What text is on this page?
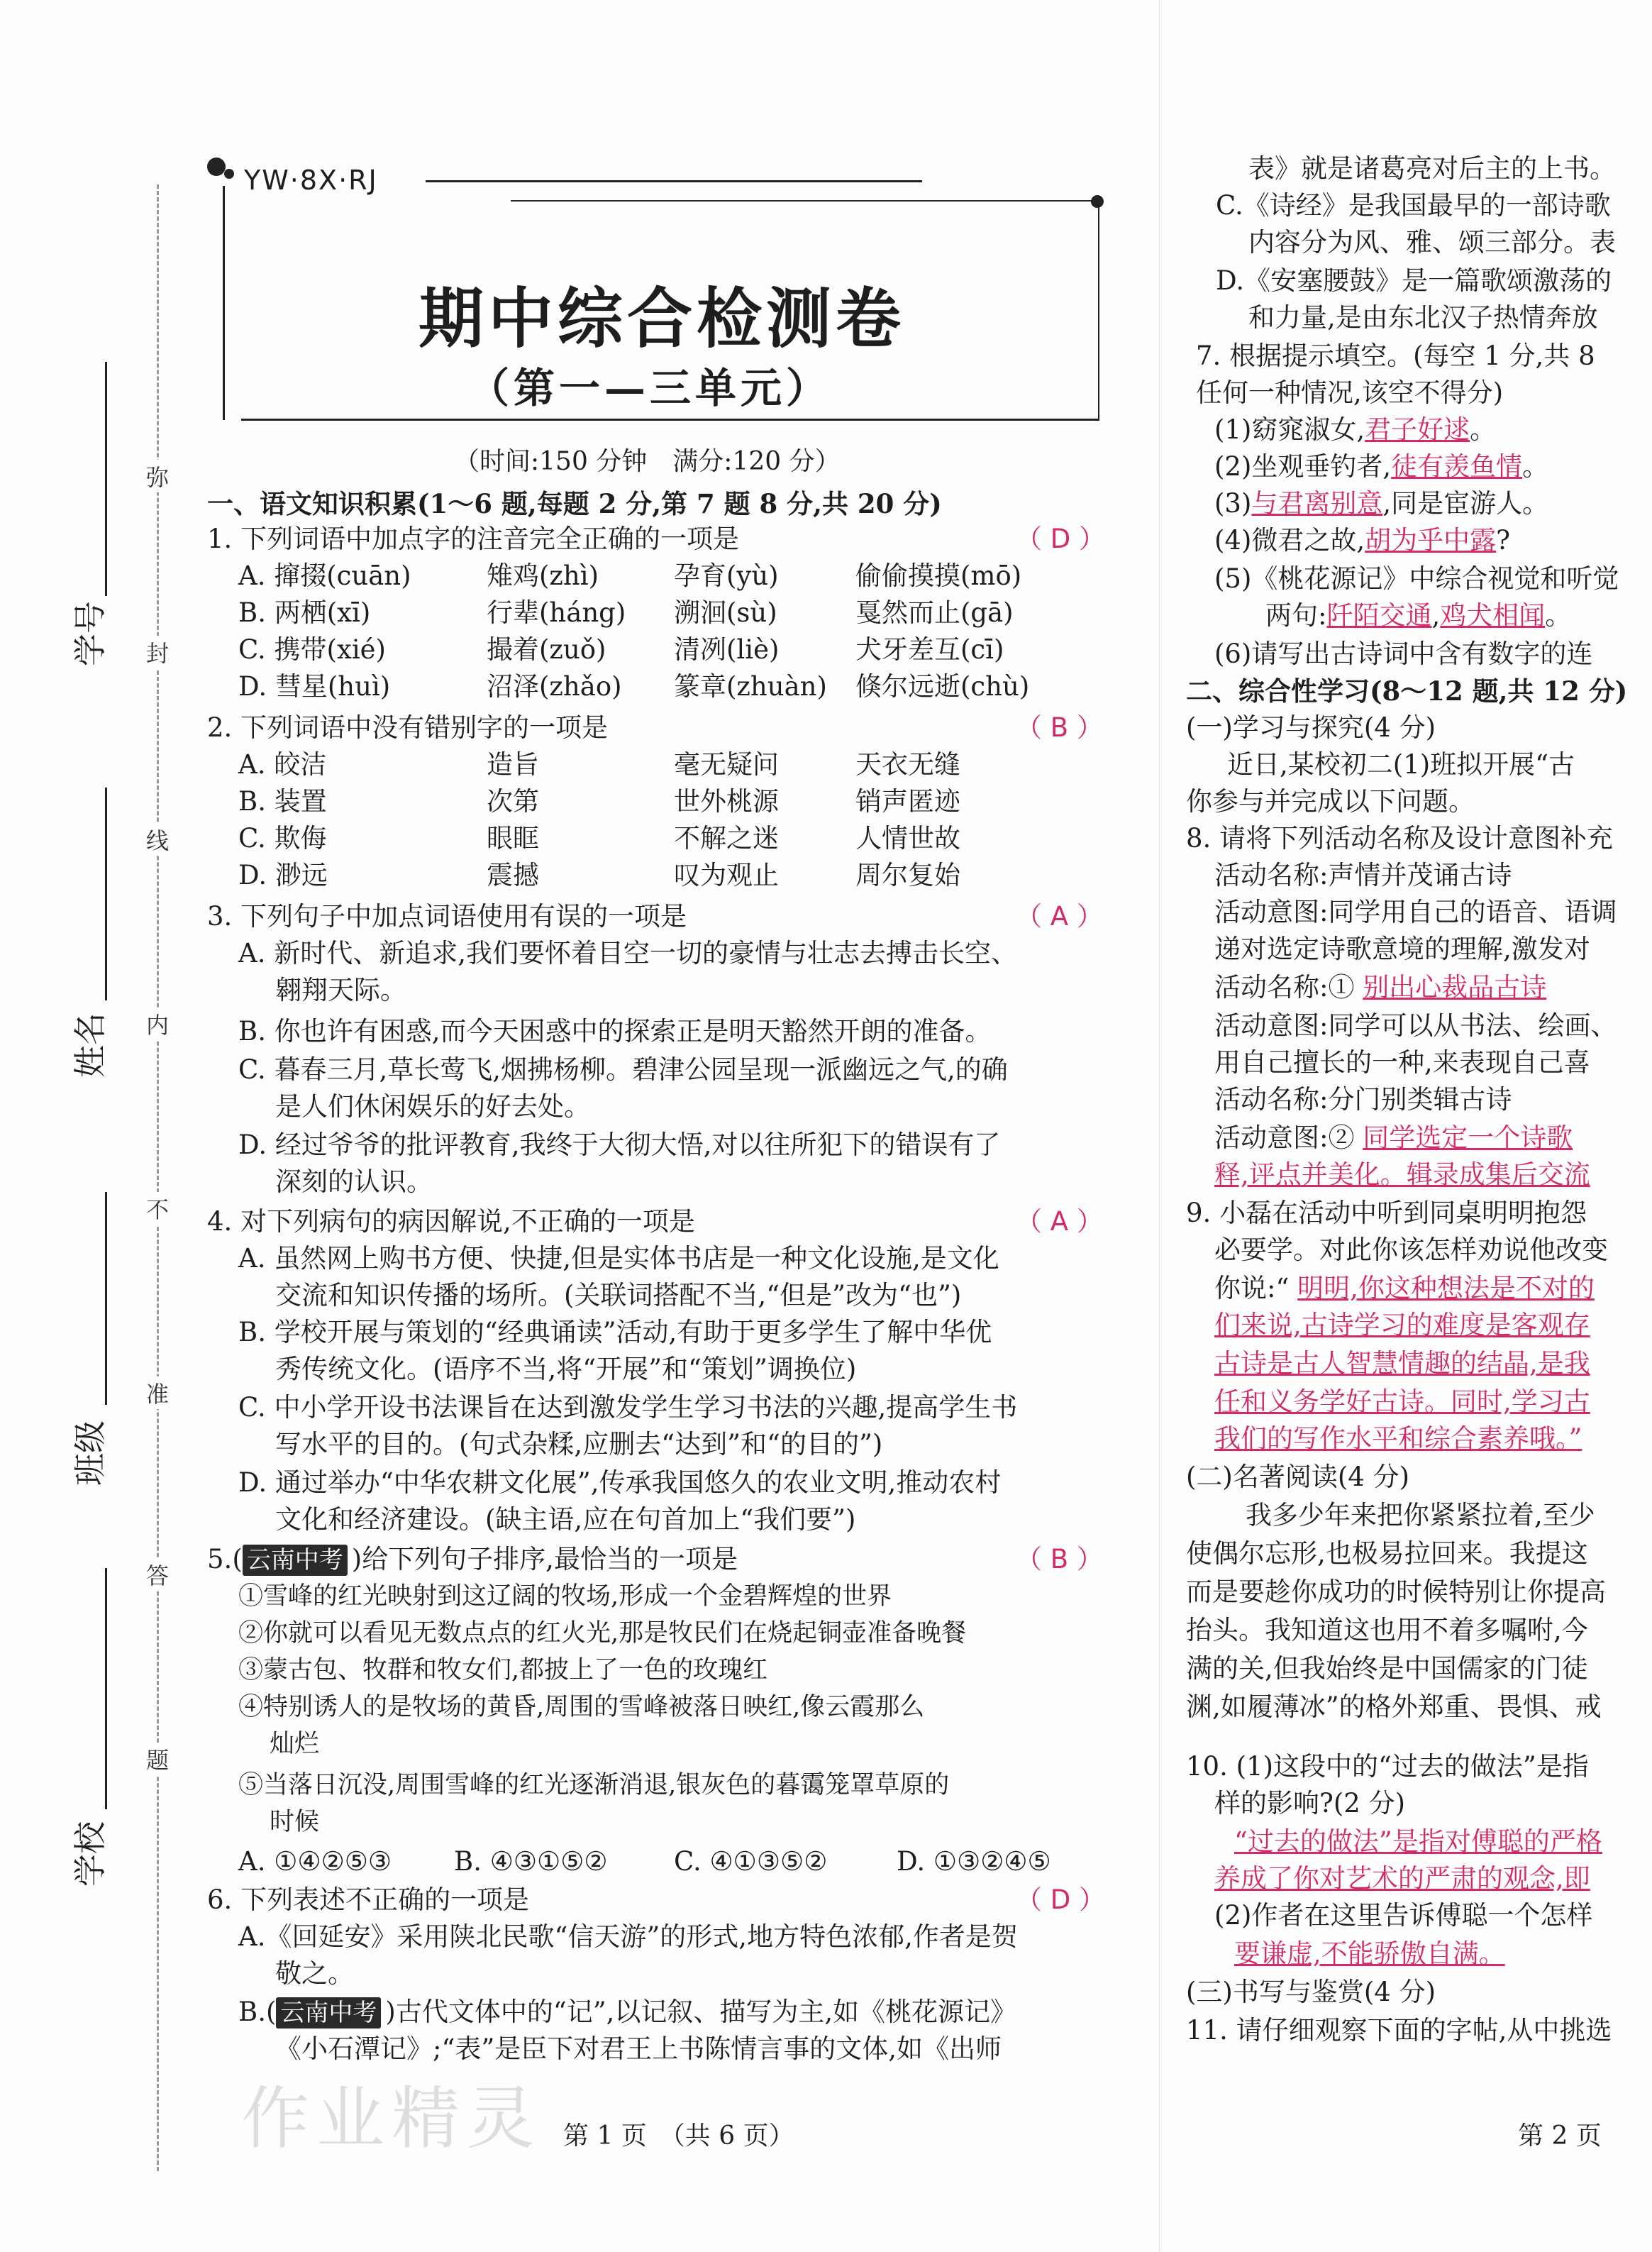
弥
封
线
内
不
准
答
题
学号
姓名
班级
学校
YW·8X·RJ
期中综合检测卷
（第一—三单元）
（时间:150 分钟　满分:120 分）
一、语文知识积累(1～6 题,每题 2 分,第 7 题 8 分,共 20 分)
1. 下列词语中加点字的注音完全正确的一项是	（ D ）
A. 撺掇(cuān)	雉鸡(zhì)	孕育(yù)	偷偷摸摸(mō)
B. 两栖(xī)	行辈(háng) 溯洄(sù)	戛然而止(gā)
C. 携带(xié)	撮着(zuǒ)	清冽(liè)	犬牙差互(cī)
D. 彗星(huì)	沼泽(zhǎo) 篆章(zhuàn) 倏尔远逝(chù)
2. 下列词语中没有错别字的一项是	（ B ）
A. 皎洁	造旨	毫无疑问	天衣无缝
B. 装置	次第	世外桃源	销声匿迹
C. 欺侮	眼眶	不解之迷	人情世故
D. 渺远	震撼	叹为观止	周尔复始
3. 下列句子中加点词语使用有误的一项是	（ A ）
A. 新时代、新追求,我们要怀着目空一切的豪情与壮志去搏击长空、
翱翔天际。
B. 你也许有困惑,而今天困惑中的探索正是明天豁然开朗的准备。
C. 暮春三月,草长莺飞,烟拂杨柳。碧津公园呈现一派幽远之气,的确
是人们休闲娱乐的好去处。
D. 经过爷爷的批评教育,我终于大彻大悟,对以往所犯下的错误有了
深刻的认识。
4. 对下列病句的病因解说,不正确的一项是	（ A ）
A. 虽然网上购书方便、快捷,但是实体书店是一种文化设施,是文化
交流和知识传播的场所。(关联词搭配不当,“但是”改为“也”)
B. 学校开展与策划的“经典诵读”活动,有助于更多学生了解中华优
秀传统文化。(语序不当,将“开展”和“策划”调换位)
C. 中小学开设书法课旨在达到激发学生学习书法的兴趣,提高学生书
写水平的目的。(句式杂糅,应删去“达到”和“的目的”)
D. 通过举办“中华农耕文化展”,传承我国悠久的农业文明,推动农村
文化和经济建设。(缺主语,应在句首加上“我们要”)
5.( 云南中考 )给下列句子排序,最恰当的一项是	（ B ）
①雪峰的红光映射到这辽阔的牧场,形成一个金碧辉煌的世界
②你就可以看见无数点点的红火光,那是牧民们在烧起铜壶准备晚餐
③蒙古包、牧群和牧女们,都披上了一色的玫瑰红
④特别诱人的是牧场的黄昏,周围的雪峰被落日映红,像云霞那么
灿烂
⑤当落日沉没,周围雪峰的红光逐渐消退,银灰色的暮霭笼罩草原的
时候
A. ①④②⑤③ B. ④③①⑤②	C. ④①③⑤②	D. ①③②④⑤
6. 下列表述不正确的一项是	（ D ）
A.《回延安》采用陕北民歌“信天游”的形式,地方特色浓郁,作者是贺
敬之。
B.( 云南中考 )古代文体中的“记”,以记叙、描写为主,如《桃花源记》
《小石潭记》;“表”是臣下对君王上书陈情言事的文体,如《出师
作业精灵 第 1 页　（共 6 页）
表》就是诸葛亮对后主的上书。
C.《诗经》是我国最早的一部诗歌
内容分为风、雅、颂三部分。表
D.《安塞腰鼓》是一篇歌颂激荡的
和力量,是由东北汉子热情奔放
7. 根据提示填空。(每空 1 分,共 8
任何一种情况,该空不得分)
(1)窈窕淑女,君子好逑。
(2)坐观垂钓者,徒有羡鱼情。
(3)与君离别意,同是宦游人。
(4)微君之故,胡为乎中露?
(5)《桃花源记》中综合视觉和听觉
两句:阡陌交通,鸡犬相闻。
(6)请写出古诗词中含有数字的连
二、综合性学习(8～12 题,共 12 分)
(一)学习与探究(4 分)
近日,某校初二(1)班拟开展“古
你参与并完成以下问题。
8. 请将下列活动名称及设计意图补充
活动名称:声情并茂诵古诗
活动意图:同学用自己的语音、语调
递对选定诗歌意境的理解,激发对
活动名称:① 别出心裁品古诗
活动意图:同学可以从书法、绘画、
用自己擅长的一种,来表现自己喜
活动名称:分门别类辑古诗
活动意图:② 同学选定一个诗歌
释,评点并美化。辑录成集后交流
9. 小磊在活动中听到同桌明明抱怨
必要学。对此你该怎样劝说他改变
你说:“ 明明,你这种想法是不对的
们来说,古诗学习的难度是客观存
古诗是古人智慧情趣的结晶,是我
任和义务学好古诗。同时,学习古
我们的写作水平和综合素养哦。”
(二)名著阅读(4 分)
我多少年来把你紧紧拉着,至少
使偶尔忘形,也极易拉回来。我提这
而是要趁你成功的时候特别让你提高
抬头。我知道这也用不着多嘱咐,今
满的关,但我始终是中国儒家的门徒
渊,如履薄冰”的格外郑重、畏惧、戒
10. (1)这段中的“过去的做法”是指
样的影响?(2 分)
“过去的做法”是指对傅聪的严格
养成了你对艺术的严肃的观念,即
(2)作者在这里告诉傅聪一个怎样
要谦虚,不能骄傲自满。
(三)书写与鉴赏(4 分)
11. 请仔细观察下面的字帖,从中挑选
第 2 页
